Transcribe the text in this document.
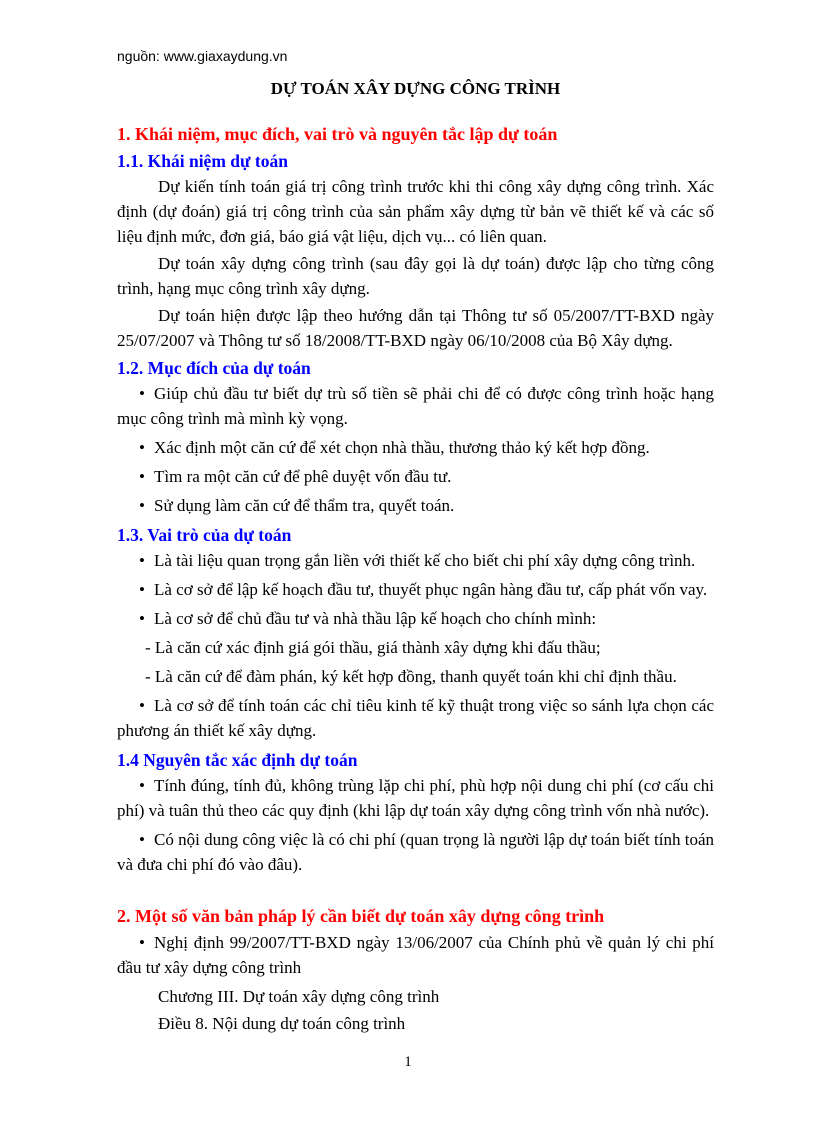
nguồn: www.giaxaydung.vn
DỰ TOÁN XÂY DỰNG CÔNG TRÌNH

1. Khái niệm, mục đích, vai trò và nguyên tắc lập dự toán

1.1. Khái niệm dự toán

Dự kiến tính toán giá trị công trình trước khi thi công xây dựng công trình. Xác định (dự đoán) giá trị công trình của sản phẩm xây dựng từ bản vẽ thiết kế và các số liệu định mức, đơn giá, báo giá vật liệu, dịch vụ... có liên quan.

Dự toán xây dựng công trình (sau đây gọi là dự toán) được lập cho từng công trình, hạng mục công trình xây dựng.

Dự toán hiện được lập theo hướng dẫn tại Thông tư số 05/2007/TT-BXD ngày 25/07/2007 và Thông tư số 18/2008/TT-BXD ngày 06/10/2008 của Bộ Xây dựng.

1.2. Mục đích của dự toán

• Giúp chủ đầu tư biết dự trù số tiền sẽ phải chi để có được công trình hoặc hạng mục công trình mà mình kỳ vọng.

• Xác định một căn cứ để xét chọn nhà thầu, thương thảo ký kết hợp đồng.

• Tìm ra một căn cứ để phê duyệt vốn đầu tư.

• Sử dụng làm căn cứ để thẩm tra, quyết toán.

1.3. Vai trò của dự toán

• Là tài liệu quan trọng gắn liền với thiết kế cho biết chi phí xây dựng công trình.

• Là cơ sở để lập kế hoạch đầu tư, thuyết phục ngân hàng đầu tư, cấp phát vốn vay.

• Là cơ sở để chủ đầu tư và nhà thầu lập kế hoạch cho chính mình:

- Là căn cứ xác định giá gói thầu, giá thành xây dựng khi đấu thầu;

- Là căn cứ để đàm phán, ký kết hợp đồng, thanh quyết toán khi chỉ định thầu.

• Là cơ sở để tính toán các chỉ tiêu kinh tế kỹ thuật trong việc so sánh lựa chọn các phương án thiết kế xây dựng.

1.4 Nguyên tắc xác định dự toán

• Tính đúng, tính đủ, không trùng lặp chi phí, phù hợp nội dung chi phí (cơ cấu chi phí) và tuân thủ theo các quy định (khi lập dự toán xây dựng công trình vốn nhà nước).

• Có nội dung công việc là có chi phí (quan trọng là người lập dự toán biết tính toán và đưa chi phí đó vào đâu).

2. Một số văn bản pháp lý cần biết dự toán xây dựng công trình

• Nghị định 99/2007/TT-BXD ngày 13/06/2007 của Chính phủ về quản lý chi phí đầu tư xây dựng công trình

Chương III. Dự toán xây dựng công trình

Điều 8. Nội dung dự toán công trình

1
